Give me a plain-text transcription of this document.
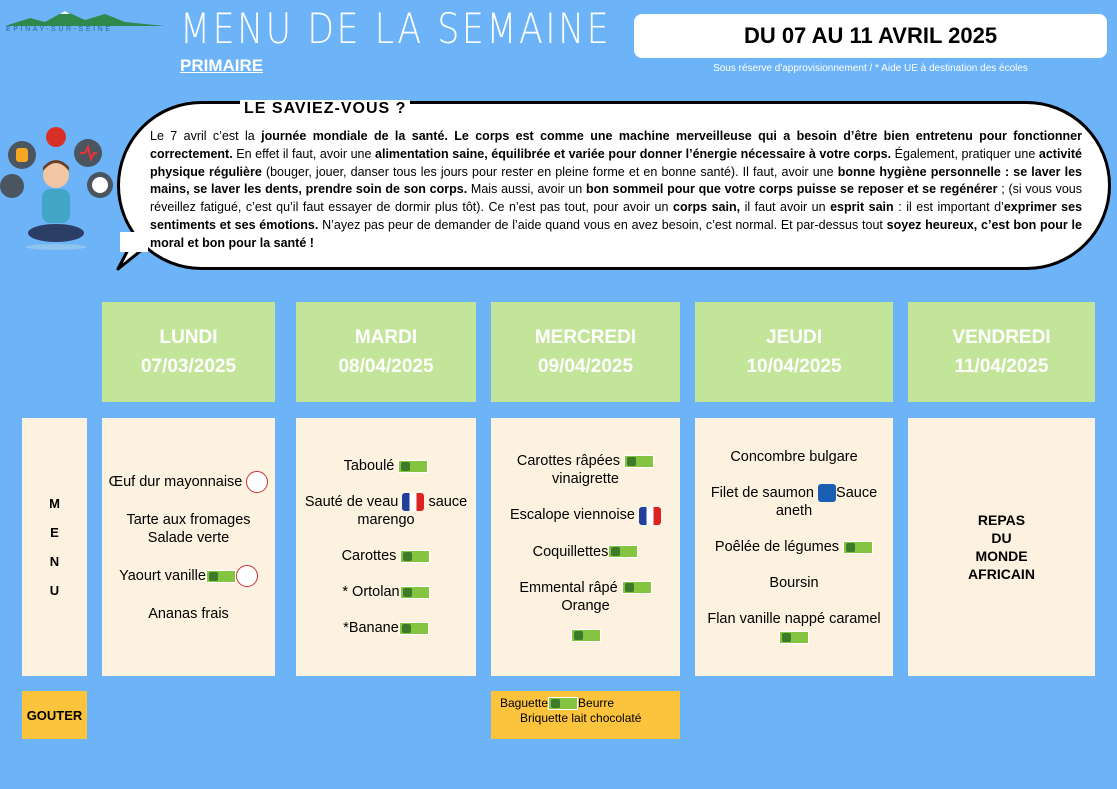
EPINAY-SUR-SEINE	MENU DE LA SEMAINE
PRIMAIRE
DU 07 AU 11 AVRIL 2025
Sous réserve d'approvisionnement / * Aide UE à destination des écoles
LE SAVIEZ-VOUS ?
Le 7 avril c’est la journée mondiale de la santé. Le corps est comme une machine merveilleuse qui a besoin d’être bien entretenu pour fonctionner correctement. En effet il faut, avoir une alimentation saine, équilibrée et variée pour donner l’énergie nécessaire à votre corps. Également, pratiquer une activité physique régulière (bouger, jouer, danser tous les jours pour rester en pleine forme et en bonne santé). Il faut, avoir une bonne hygiène personnelle : se laver les mains, se laver les dents, prendre soin de son corps. Mais aussi, avoir un bon sommeil pour que votre corps puisse se reposer et se regénérer ; (si vous vous réveillez fatigué, c’est qu’il faut essayer de dormir plus tôt). Ce n’est pas tout, pour avoir un corps sain, il faut avoir un esprit sain : il est important d’exprimer ses sentiments et ses émotions. N’ayez pas peur de demander de l’aide quand vous en avez besoin, c’est normal. Et par-dessus tout soyez heureux, c’est bon pour le moral et bon pour la santé !
LUNDI
07/03/2025
MARDI
08/04/2025
MERCREDI
09/04/2025
JEUDI
10/04/2025
VENDREDI
11/04/2025
M
E
N
U
Œuf dur mayonnaise
Tarte aux fromages
Salade verte
Yaourt vanille
Ananas frais
Taboulé
Sauté de veau sauce marengo
Carottes
* Ortolan
*Banane
Carottes râpées
vinaigrette
Escalope viennoise
Coquillettes
Emmental râpé Orange

Concombre bulgare
Filet de saumon Sauce aneth
Poêlée de légumes
Boursin
Flan vanille nappé caramel

REPAS
DU
MONDE
AFRICAIN
GOUTER
Baguette	Beurre
Briquette lait chocolaté
